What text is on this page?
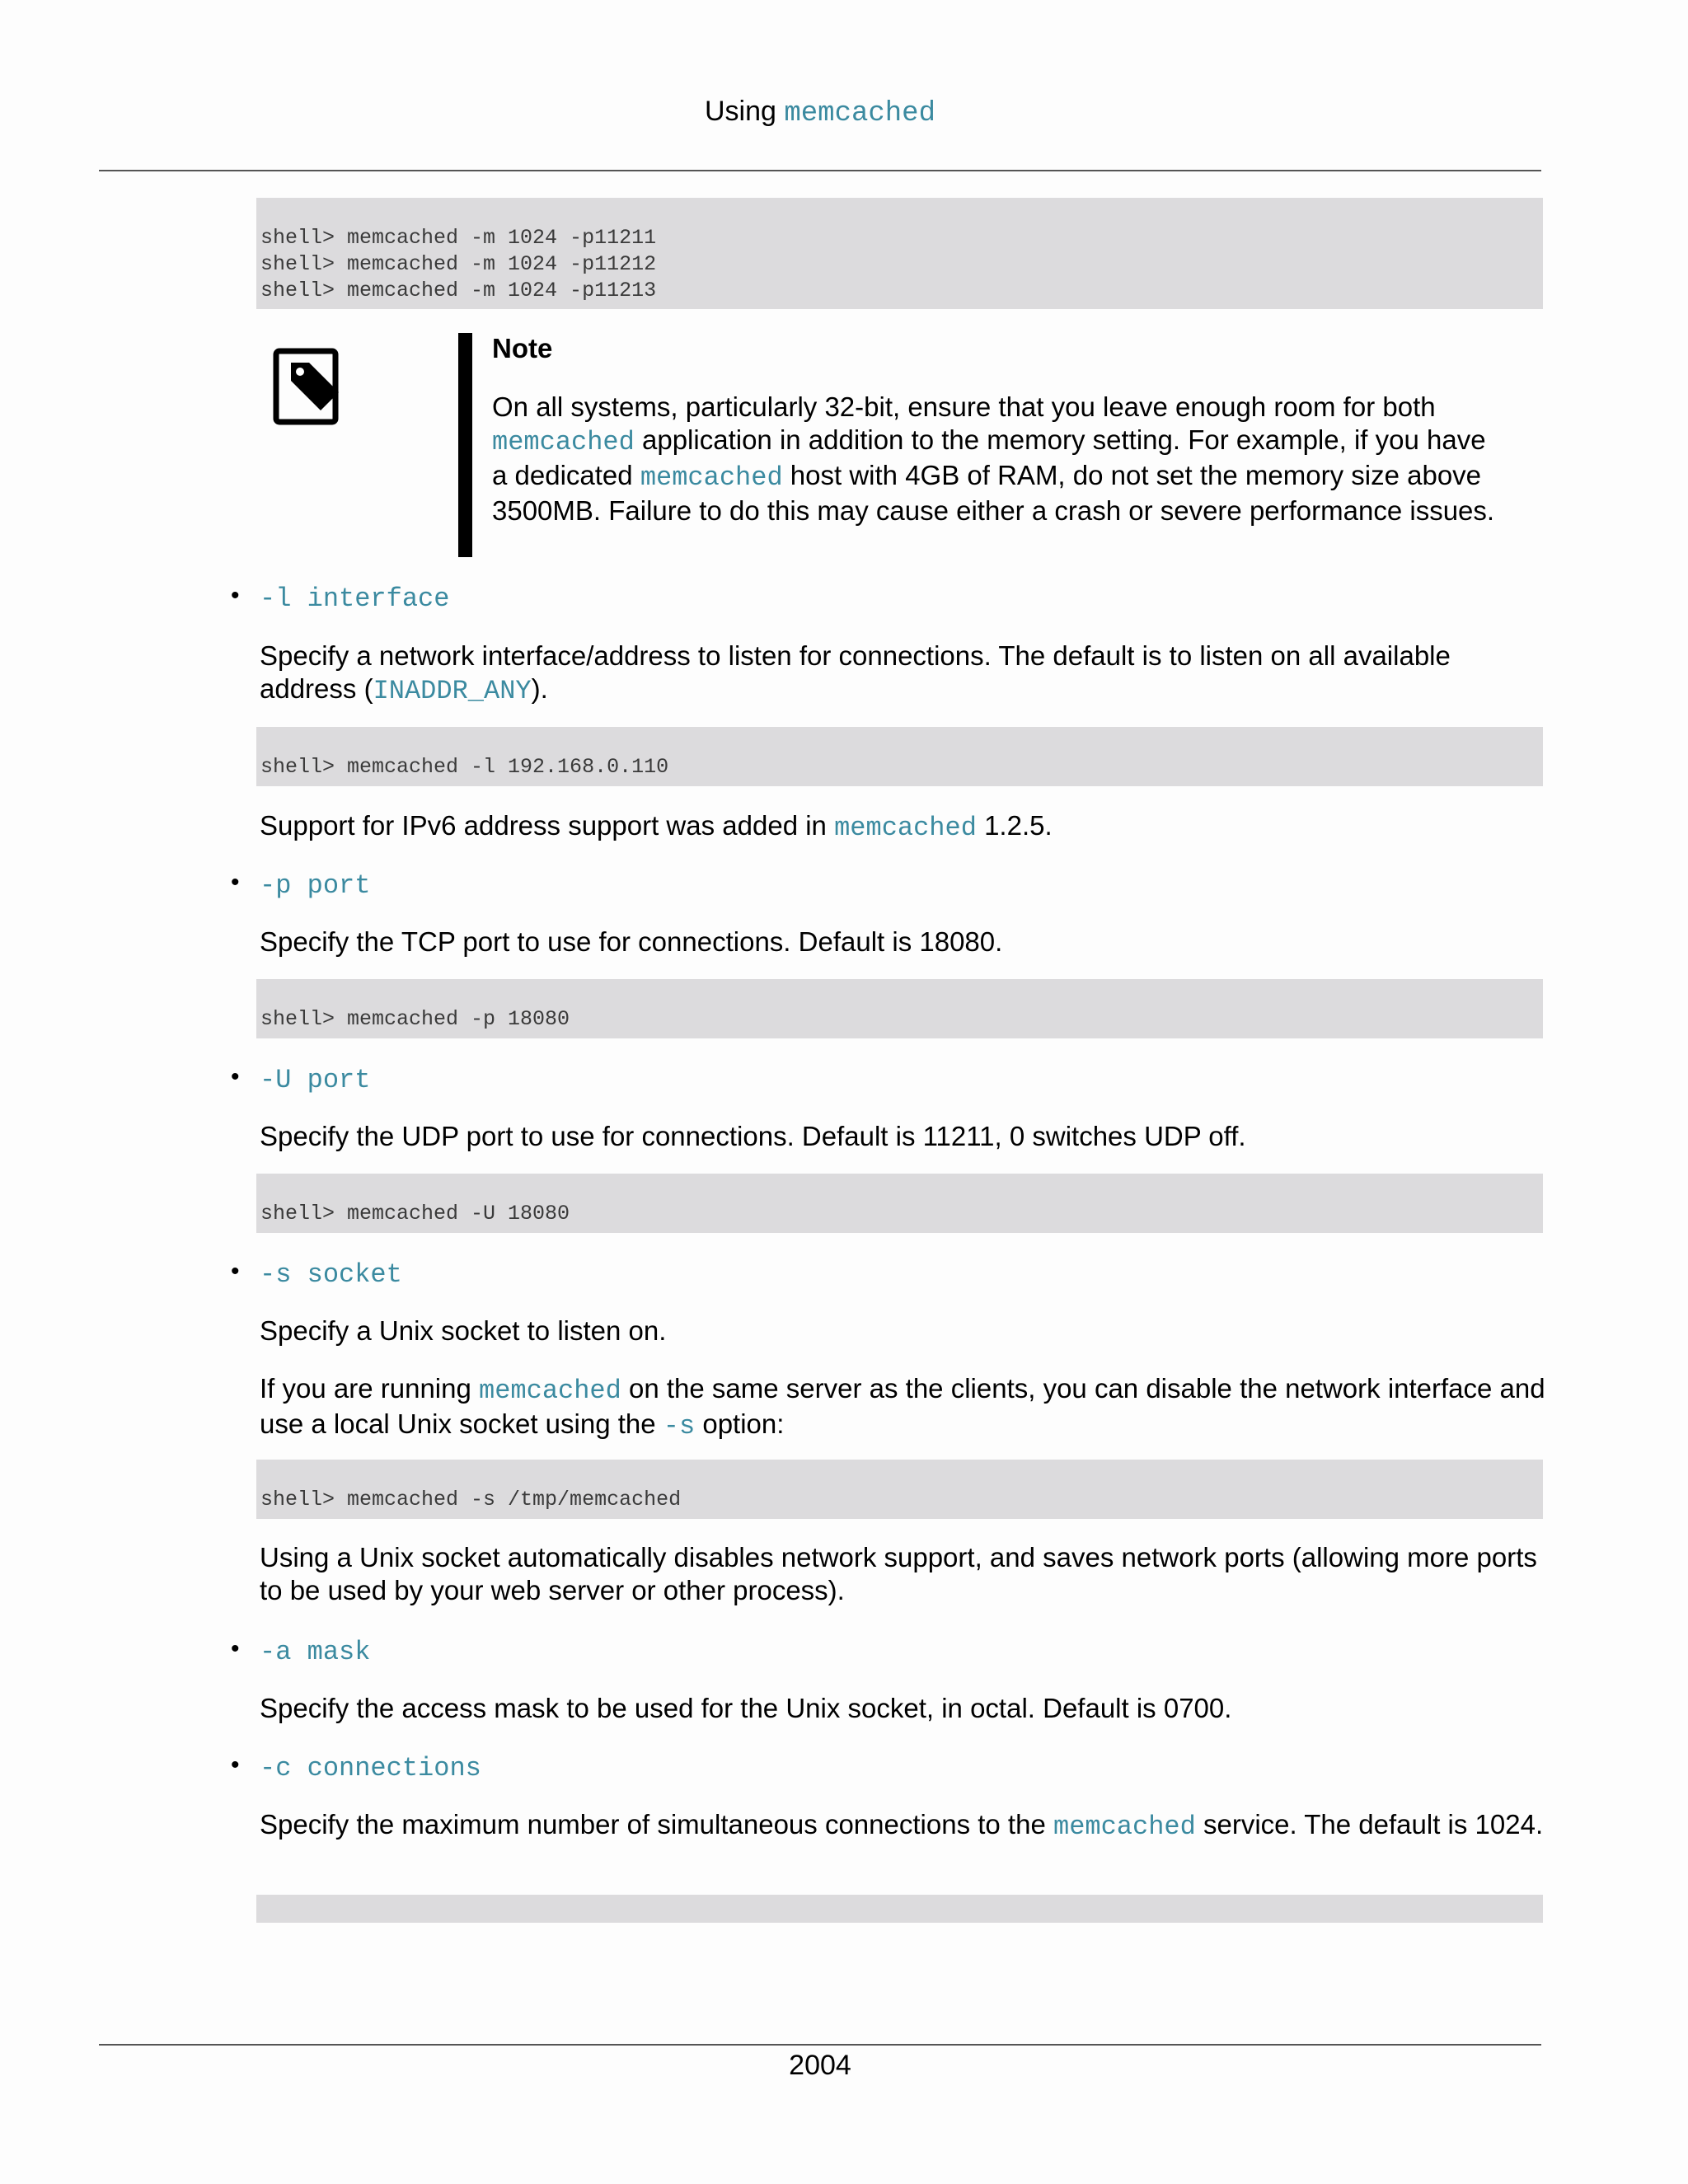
Using memcached
shell> memcached -m 1024 -p11211
shell> memcached -m 1024 -p11212
shell> memcached -m 1024 -p11213
Note
On all systems, particularly 32-bit, ensure that you leave enough room for both memcached application in addition to the memory setting. For example, if you have a dedicated memcached host with 4GB of RAM, do not set the memory size above 3500MB. Failure to do this may cause either a crash or severe performance issues.
• -l interface
Specify a network interface/address to listen for connections. The default is to listen on all available address (INADDR_ANY).
shell> memcached -l 192.168.0.110
Support for IPv6 address support was added in memcached 1.2.5.
• -p port
Specify the TCP port to use for connections. Default is 18080.
shell> memcached -p 18080
• -U port
Specify the UDP port to use for connections. Default is 11211, 0 switches UDP off.
shell> memcached -U 18080
• -s socket
Specify a Unix socket to listen on.
If you are running memcached on the same server as the clients, you can disable the network interface and use a local Unix socket using the -s option:
shell> memcached -s /tmp/memcached
Using a Unix socket automatically disables network support, and saves network ports (allowing more ports to be used by your web server or other process).
• -a mask
Specify the access mask to be used for the Unix socket, in octal. Default is 0700.
• -c connections
Specify the maximum number of simultaneous connections to the memcached service. The default is 1024.
2004
